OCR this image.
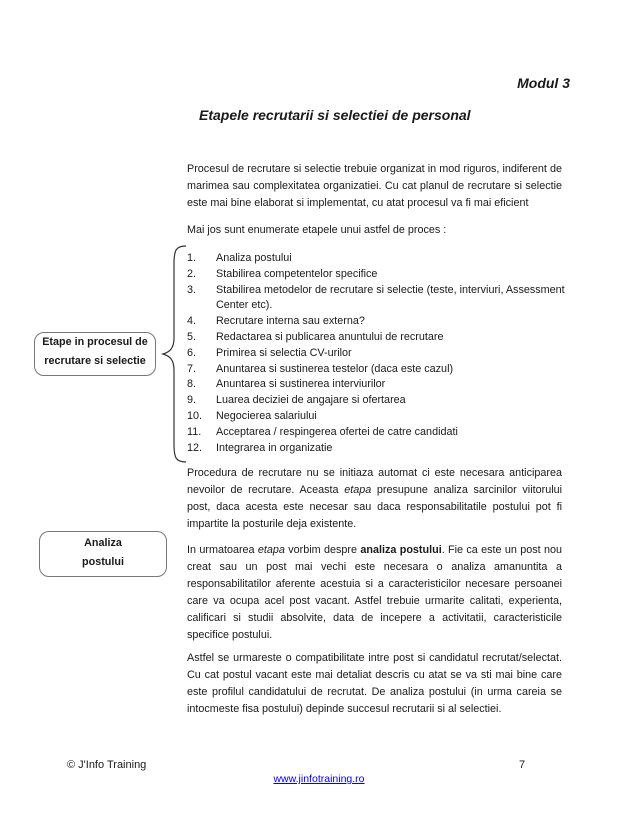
Modul 3
Etapele recrutarii si selectiei de personal

Procesul de recrutare si selectie trebuie organizat in mod riguros, indiferent de marimea sau complexitatea organizatiei. Cu cat planul de recrutare si selectie este mai bine elaborat si implementat, cu atat procesul va fi mai eficient

Mai jos sunt enumerate etapele unui astfel de proces :

Etape in procesul de
recrutare si selectie
1. Analiza postului
2. Stabilirea competentelor specifice
3. Stabilirea metodelor de recrutare si selectie (teste, interviuri, Assessment Center etc).
4. Recrutare interna sau externa?
5. Redactarea si publicarea anuntului de recrutare
6. Primirea si selectia CV-urilor
7. Anuntarea si sustinerea testelor (daca este cazul)
8. Anuntarea si sustinerea interviurilor
9. Luarea deciziei de angajare si ofertarea
10. Negocierea salariului
11. Acceptarea / respingerea ofertei de catre candidati
12. Integrarea in organizatie

Procedura de recrutare nu se initiaza automat ci este necesara anticiparea nevoilor de recrutare. Aceasta etapa presupune analiza sarcinilor viitorului post, daca acesta este necesar sau daca responsabilitatile postului pot fi impartite la posturile deja existente.

Analiza
postului

In urmatoarea etapa vorbim despre analiza postului. Fie ca este un post nou creat sau un post mai vechi este necesara o analiza amanuntita a responsabilitatilor aferente acestuia si a caracteristicilor necesare persoanei care va ocupa acel post vacant. Astfel trebuie urmarite calitati, experienta, calificari si studii absolvite, data de incepere a activitatii, caracteristicile specifice postului.

Astfel se urmareste o compatibilitate intre post si candidatul recrutat/selectat. Cu cat postul vacant este mai detaliat descris cu atat se va sti mai bine care este profilul candidatului de recrutat. De analiza postului (in urma careia se intocmeste fisa postului) depinde succesul recrutarii si al selectiei.

© J'Info Training	7
www.jinfotraining.ro
